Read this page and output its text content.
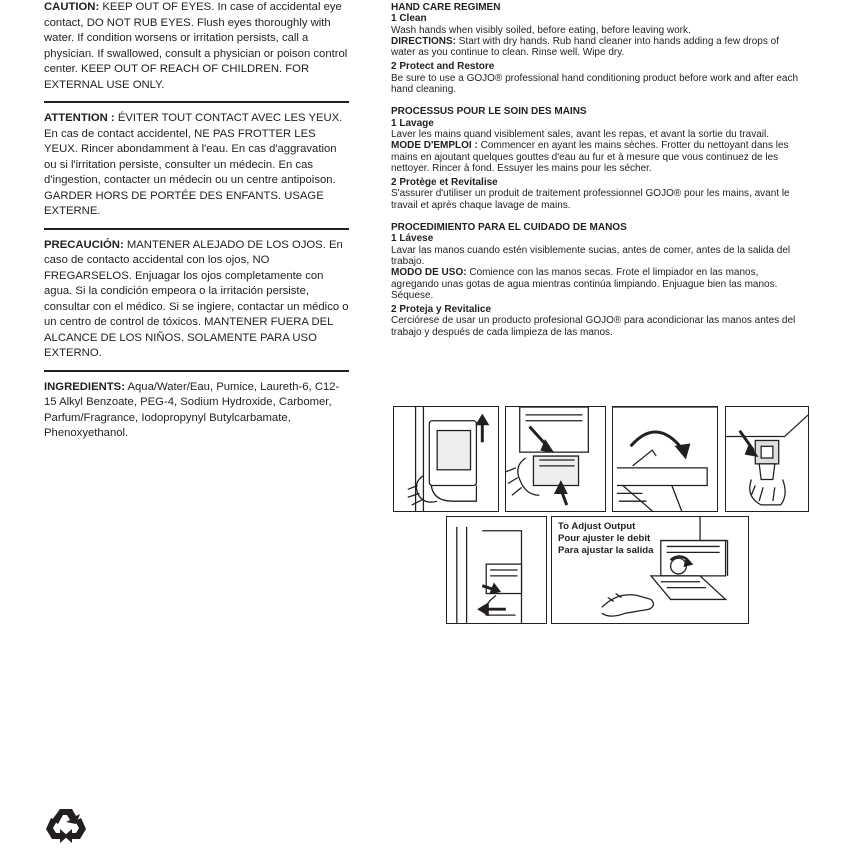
CAUTION: KEEP OUT OF EYES. In case of accidental eye contact, DO NOT RUB EYES. Flush eyes thoroughly with water. If condition worsens or irritation persists, call a physician. If swallowed, consult a physician or poison control center. KEEP OUT OF REACH OF CHILDREN. FOR EXTERNAL USE ONLY.

ATTENTION : ÉVITER TOUT CONTACT AVEC LES YEUX. En cas de contact accidentel, NE PAS FROTTER LES YEUX. Rincer abondamment à l'eau. En cas d'aggravation ou si l'irritation persiste, consulter un médecin. En cas d'ingestion, contacter un médecin ou un centre antipoison. GARDER HORS DE PORTÉE DES ENFANTS. USAGE EXTERNE.

PRECAUCIÓN: MANTENER ALEJADO DE LOS OJOS. En caso de contacto accidental con los ojos, NO FREGARSELOS. Enjuagar los ojos completamente con agua. Si la condición empeora o la irritación persiste, consultar con el médico. Si se ingiere, contactar un médico o un centro de control de tóxicos. MANTENER FUERA DEL ALCANCE DE LOS NIÑOS. SOLAMENTE PARA USO EXTERNO.

INGREDIENTS: Aqua/Water/Eau, Pumice, Laureth-6, C12-15 Alkyl Benzoate, PEG-4, Sodium Hydroxide, Carbomer, Parfum/Fragrance, Iodopropynyl Butylcarbamate, Phenoxyethanol.

HAND CARE REGIMEN

1 Clean

Wash hands when visibly soiled, before eating, before leaving work.

DIRECTIONS: Start with dry hands. Rub hand cleaner into hands adding a few drops of water as you continue to clean. Rinse well. Wipe dry.

2 Protect and Restore

Be sure to use a GOJO® professional hand conditioning product before work and after each hand cleaning.

PROCESSUS POUR LE SOIN DES MAINS

1 Lavage

Laver les mains quand visiblement sales, avant les repas, et avant la sortie du travail.

MODE D'EMPLOI : Commencer en ayant les mains sèches. Frotter du nettoyant dans les mains en ajoutant quelques gouttes d'eau au fur et à mesure que vous continuez de les nettoyer. Rincer à fond. Essuyer les mains pour les sécher.

2 Protège et Revitalise

S'assurer d'utiliser un produit de traitement professionnel GOJO® pour les mains, avant le travail et après chaque lavage de mains.

PROCEDIMIENTO PARA EL CUIDADO DE MANOS

1 Lávese

Lavar las manos cuando estén visiblemente sucias, antes de comer, antes de la salida del trabajo.

MODO DE USO: Comience con las manos secas. Frote el limpiador en las manos, agregando unas gotas de agua mientras continúa limpiando. Enjuague bien las manos. Séquese.

2 Proteja y Revitalice

Cerciórese de usar un producto profesional GOJO® para acondicionar las manos antes del trabajo y después de cada limpieza de las manos.

To Adjust Output
Pour ajuster le debit
Para ajustar la salida
